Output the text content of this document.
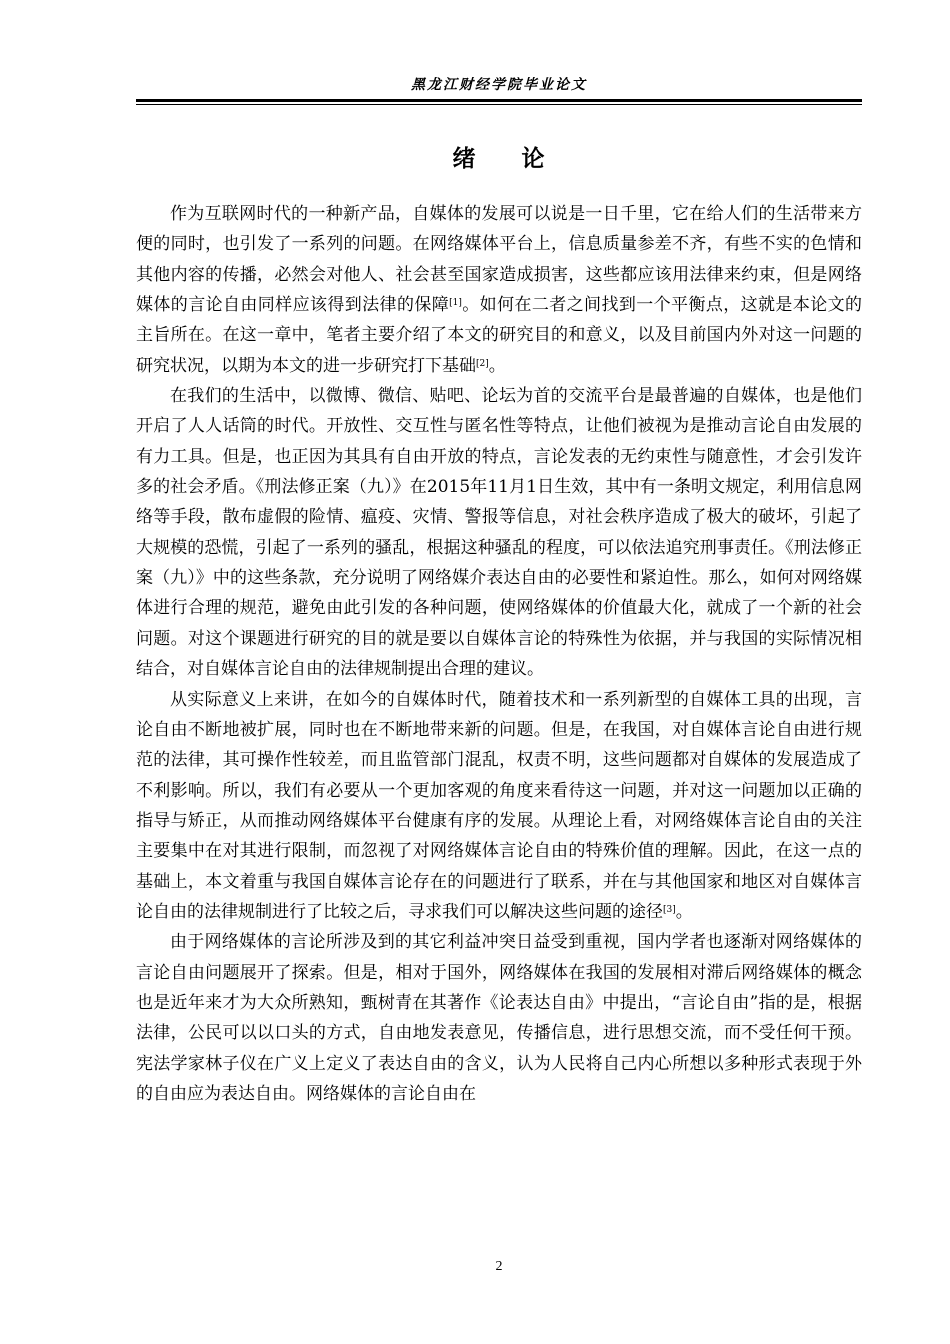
黑龙江财经学院毕业论文
绪 论

作为互联网时代的一种新产品，自媒体的发展可以说是一日千里，它在给人们的生活带来方便的同时，也引发了一系列的问题。在网络媒体平台上，信息质量参差不齐，有些不实的色情和其他内容的传播，必然会对他人、社会甚至国家造成损害，这些都应该用法律来约束，但是网络媒体的言论自由同样应该得到法律的保障[1]。如何在二者之间找到一个平衡点，这就是本论文的主旨所在。在这一章中，笔者主要介绍了本文的研究目的和意义，以及目前国内外对这一问题的研究状况，以期为本文的进一步研究打下基础[2]。

在我们的生活中，以微博、微信、贴吧、论坛为首的交流平台是最普遍的自媒体，也是他们开启了人人话筒的时代。开放性、交互性与匿名性等特点，让他们被视为是推动言论自由发展的有力工具。但是，也正因为其具有自由开放的特点，言论发表的无约束性与随意性，才会引发许多的社会矛盾。《刑法修正案（九）》在2015年11月1日生效，其中有一条明文规定，利用信息网络等手段，散布虚假的险情、瘟疫、灾情、警报等信息，对社会秩序造成了极大的破坏，引起了大规模的恐慌，引起了一系列的骚乱，根据这种骚乱的程度，可以依法追究刑事责任。《刑法修正案（九）》中的这些条款，充分说明了网络媒介表达自由的必要性和紧迫性。那么，如何对网络媒体进行合理的规范，避免由此引发的各种问题，使网络媒体的价值最大化，就成了一个新的社会问题。对这个课题进行研究的目的就是要以自媒体言论的特殊性为依据，并与我国的实际情况相结合，对自媒体言论自由的法律规制提出合理的建议。

从实际意义上来讲，在如今的自媒体时代，随着技术和一系列新型的自媒体工具的出现，言论自由不断地被扩展，同时也在不断地带来新的问题。但是，在我国，对自媒体言论自由进行规范的法律，其可操作性较差，而且监管部门混乱，权责不明，这些问题都对自媒体的发展造成了不利影响。所以，我们有必要从一个更加客观的角度来看待这一问题，并对这一问题加以正确的指导与矫正，从而推动网络媒体平台健康有序的发展。从理论上看，对网络媒体言论自由的关注主要集中在对其进行限制，而忽视了对网络媒体言论自由的特殊价值的理解。因此，在这一点的基础上，本文着重与我国自媒体言论存在的问题进行了联系，并在与其他国家和地区对自媒体言论自由的法律规制进行了比较之后，寻求我们可以解决这些问题的途径[3]。

由于网络媒体的言论所涉及到的其它利益冲突日益受到重视，国内学者也逐渐对网络媒体的言论自由问题展开了探索。但是，相对于国外，网络媒体在我国的发展相对滞后网络媒体的概念也是近年来才为大众所熟知，甄树青在其著作《论表达自由》中提出，“言论自由”指的是，根据法律，公民可以以口头的方式，自由地发表意见，传播信息，进行思想交流，而不受任何干预。宪法学家林子仪在广义上定义了表达自由的含义，认为人民将自己内心所想以多种形式表现于外的自由应为表达自由。网络媒体的言论自由在

2
